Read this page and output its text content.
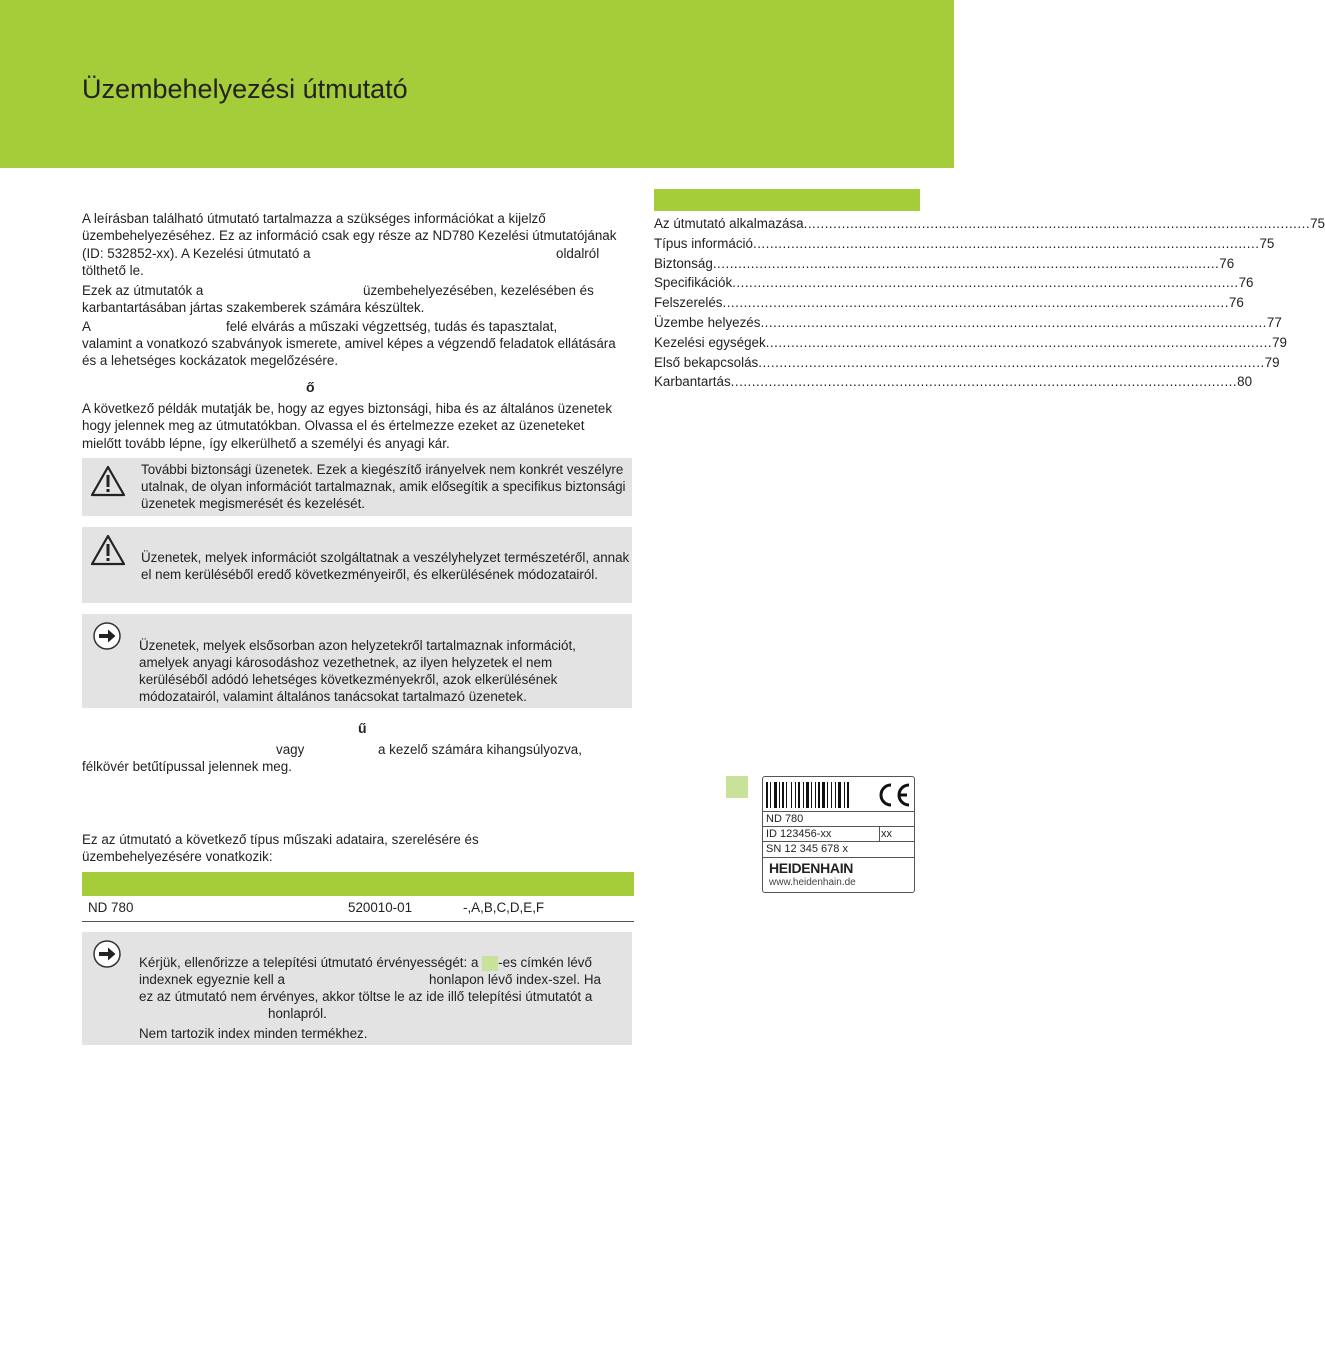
Üzembehelyezési útmutató

A leírásban található útmutató tartalmazza a szükséges információkat a kijelző üzembehelyezéséhez. Ez az információ csak egy része az ND780 Kezelési útmutatójának (ID: 532852-xx). A Kezelési útmutató a	oldalról
tölthető le.
Ezek az útmutatók a	üzembehelyezésében, kezelésében és
karbantartásában jártas szakemberek számára készültek.
A	felé elvárás a műszaki végzettség, tudás és tapasztalat,

valamint a vonatkozó szabványok ismerete, amivel képes a végzendő feladatok ellátására és a lehetséges kockázatok megelőzésére.

ő

A következő példák mutatják be, hogy az egyes biztonsági, hiba és az általános üzenetek hogy jelennek meg az útmutatókban. Olvassa el és értelmezze ezeket az üzeneteket mielőtt tovább lépne, így elkerülhető a személyi és anyagi kár.

További biztonsági üzenetek. Ezek a kiegészítő irányelvek nem konkrét veszélyre utalnak, de olyan információt tartalmaznak, amik elősegítik a specifikus biztonsági üzenetek megismerését és kezelését.
Üzenetek, melyek információt szolgáltatnak a veszélyhelyzet természetéről, annak el nem kerüléséből eredő következményeiről, és elkerülésének módozatairól.
Üzenetek, melyek elsősorban azon helyzetekről tartalmaznak információt, amelyek anyagi károsodáshoz vezethetnek, az ilyen helyzetek el nem kerüléséből adódó lehetséges következményekről, azok elkerülésének módozatairól, valamint általános tanácsokat tartalmazó üzenetek.
ű
vagy	a kezelő számára kihangsúlyozva,
félkövér betűtípussal jelennek meg.

Ez az útmutató a következő típus műszaki adataira, szerelésére és üzembehelyezésére vonatkozik:

ND 780	520010-01	-,A,B,C,D,E,F
Kérjük, ellenőrizze a telepítési útmutató érvényességét: a -es címkén lévő
indexnek egyeznie kell a	honlapon lévő index-szel. Ha
ez az útmutató nem érvényes, akkor töltse le az ide illő telepítési útmutatót a
honlapról.
Nem tartozik index minden termékhez.
Az útmutató alkalmazása ........................................................................................................................ 75
Típus információ ........................................................................................................................ 75
Biztonság ........................................................................................................................ 76
Specifikációk ........................................................................................................................ 76
Felszerelés ........................................................................................................................ 76
Üzembe helyezés ........................................................................................................................ 77
Kezelési egységek ........................................................................................................................ 79
Első bekapcsolás ........................................................................................................................ 79
Karbantartás ........................................................................................................................ 80
ND 780
ID 123456-xx	xx
SN 12 345 678 x
HEIDENHAIN
www.heidenhain.de
